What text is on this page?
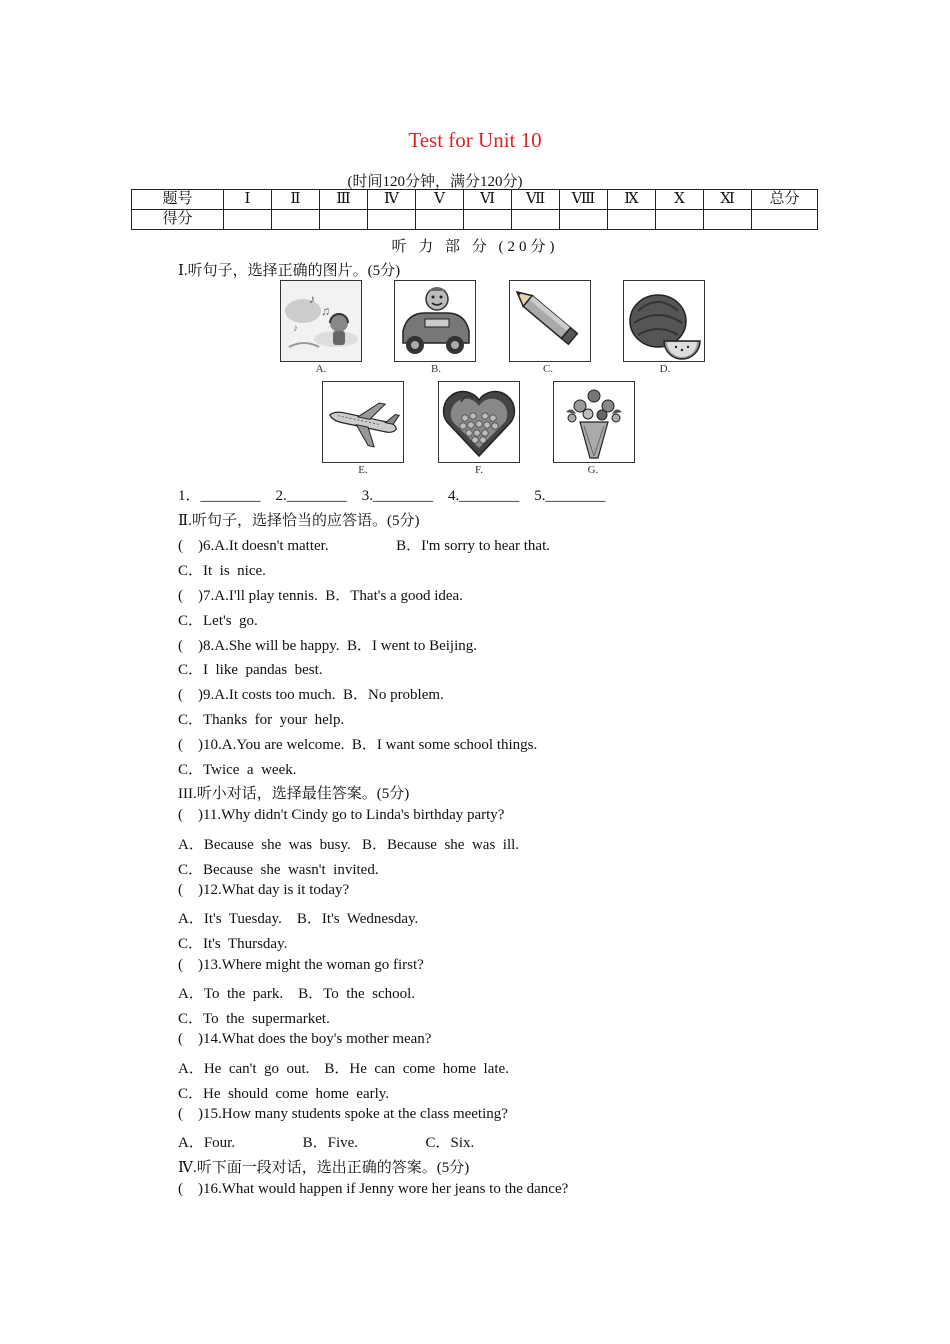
Test for Unit 10
(时间120分钟，满分120分)
题号	Ⅰ	Ⅱ	Ⅲ	Ⅳ	Ⅴ	Ⅵ	Ⅶ	Ⅷ	Ⅸ	Ⅹ	Ⅺ	总分
得分												
听 力 部 分 (20分)
Ⅰ.听句子，选择正确的图片。(5分)
♪
♫
♪
A.	B.	C.	D.
E.	F.	G.
1．________    2.________    3.________    4.________    5.________
Ⅱ.听句子，选择恰当的应答语。(5分)
(    )6.A.It doesn't matter.                  B．I'm sorry to hear that.
C．It  is  nice.
(    )7.A.I'll play tennis.  B．That's a good idea.
C．Let's  go.
(    )8.A.She will be happy.  B．I went to Beijing.
C．I  like  pandas  best.
(    )9.A.It costs too much.  B．No problem.
C．Thanks  for  your  help.
(    )10.A.You are welcome.  B．I want some school things.
C．Twice  a  week.
III.听小对话，选择最佳答案。(5分)
(    )11.Why didn't Cindy go to Linda's birthday party?
A．Because  she  was  busy.   B．Because  she  was  ill.
C．Because  she  wasn't  invited.
(    )12.What day is it today?
A．It's  Tuesday.    B．It's  Wednesday.
C．It's  Thursday.
(    )13.Where might the woman go first?
A．To  the  park.    B．To  the  school.
C．To  the  supermarket.
(    )14.What does the boy's mother mean?
A．He  can't  go  out.    B．He  can  come  home  late.
C．He  should  come  home  early.
(    )15.How many students spoke at the class meeting?
A．Four.                  B．Five.                  C．Six.
Ⅳ.听下面一段对话，选出正确的答案。(5分)
(    )16.What would happen if Jenny wore her jeans to the dance?
